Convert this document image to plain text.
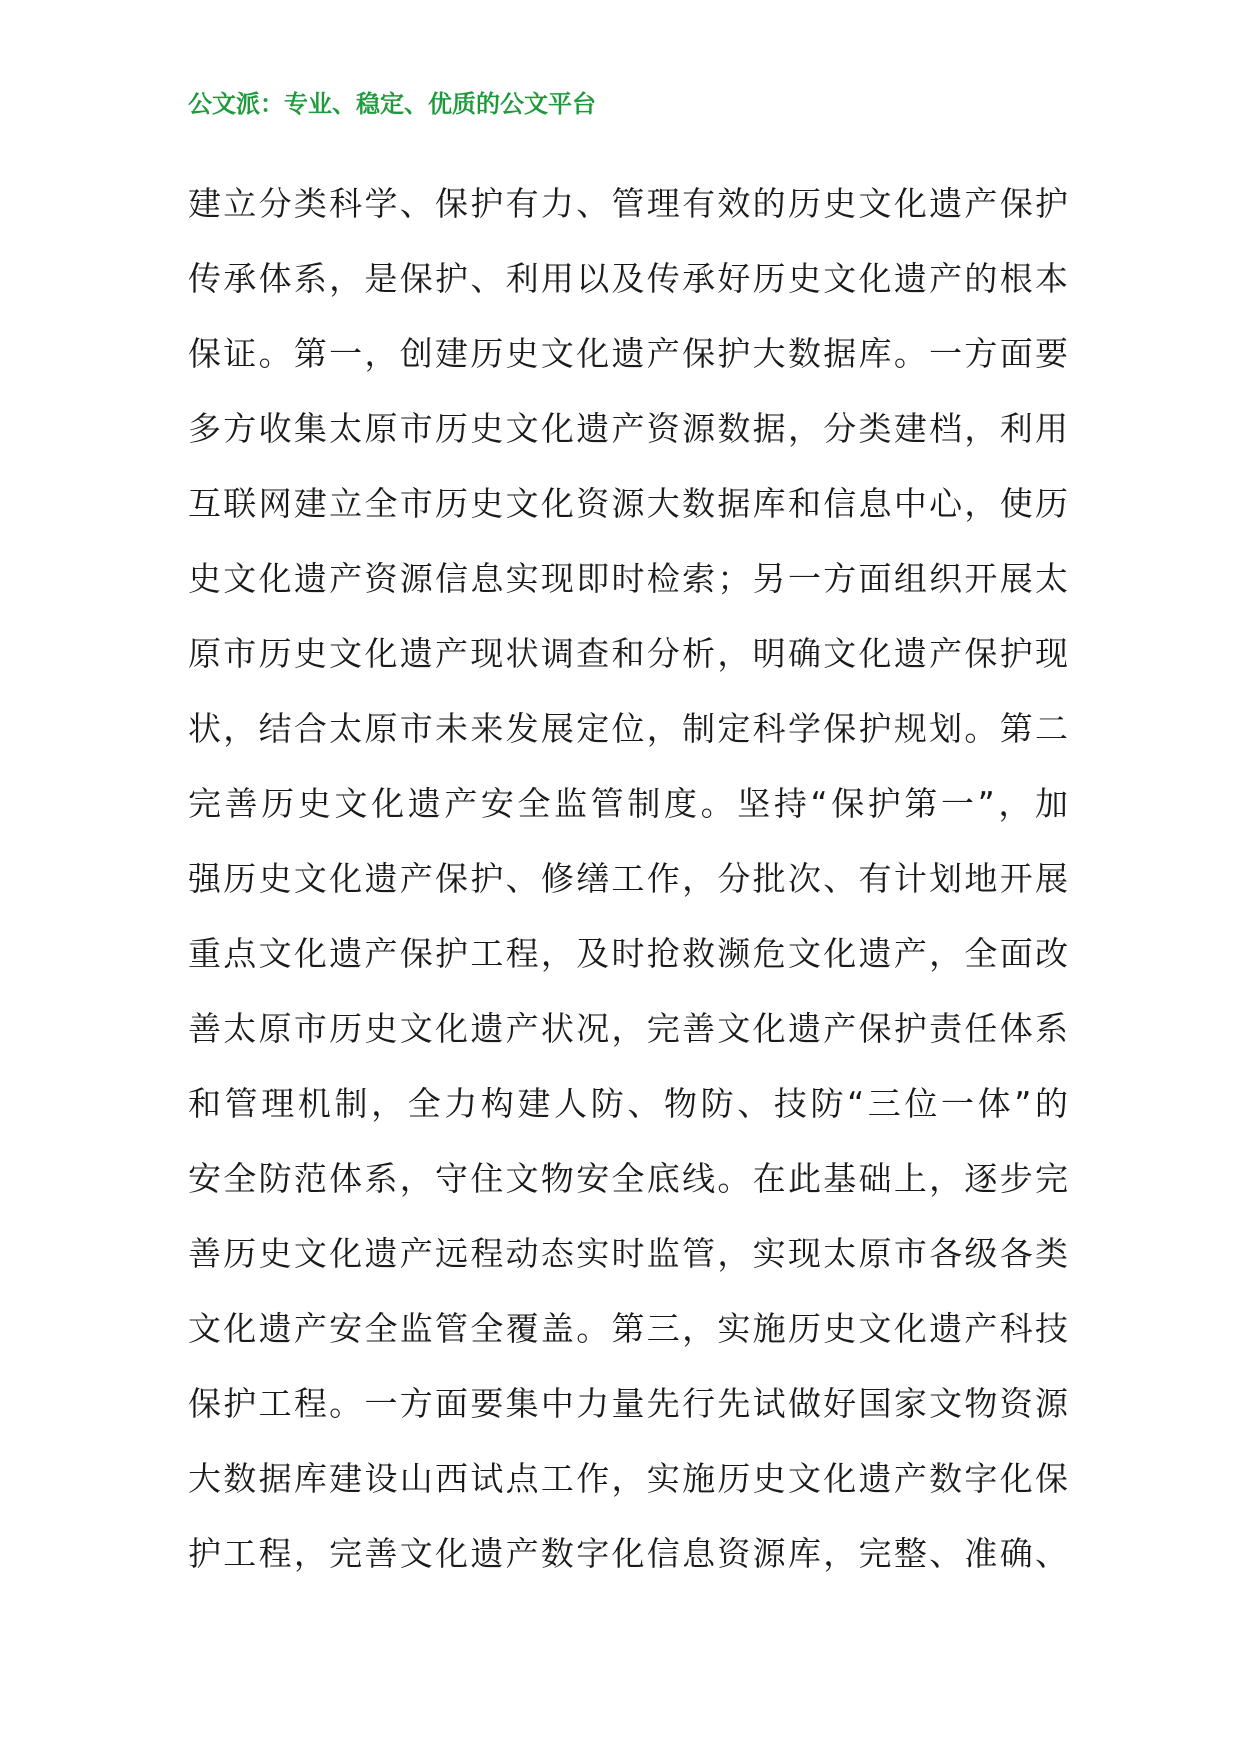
公文派：专业、稳定、优质的公文平台
建立分类科学、保护有力、管理有效的历史文化遗产保护
传承体系，是保护、利用以及传承好历史文化遗产的根本
保证。第一，创建历史文化遗产保护大数据库。一方面要
多方收集太原市历史文化遗产资源数据，分类建档，利用
互联网建立全市历史文化资源大数据库和信息中心，使历
史文化遗产资源信息实现即时检索；另一方面组织开展太
原市历史文化遗产现状调查和分析，明确文化遗产保护现
状，结合太原市未来发展定位，制定科学保护规划。第二
完善历史文化遗产安全监管制度。坚持“保护第一”，加
强历史文化遗产保护、修缮工作，分批次、有计划地开展
重点文化遗产保护工程，及时抢救濒危文化遗产，全面改
善太原市历史文化遗产状况，完善文化遗产保护责任体系
和管理机制，全力构建人防、物防、技防“三位一体”的
安全防范体系，守住文物安全底线。在此基础上，逐步完
善历史文化遗产远程动态实时监管，实现太原市各级各类
文化遗产安全监管全覆盖。第三，实施历史文化遗产科技
保护工程。一方面要集中力量先行先试做好国家文物资源
大数据库建设山西试点工作，实施历史文化遗产数字化保
护工程，完善文化遗产数字化信息资源库，完整、准确、
